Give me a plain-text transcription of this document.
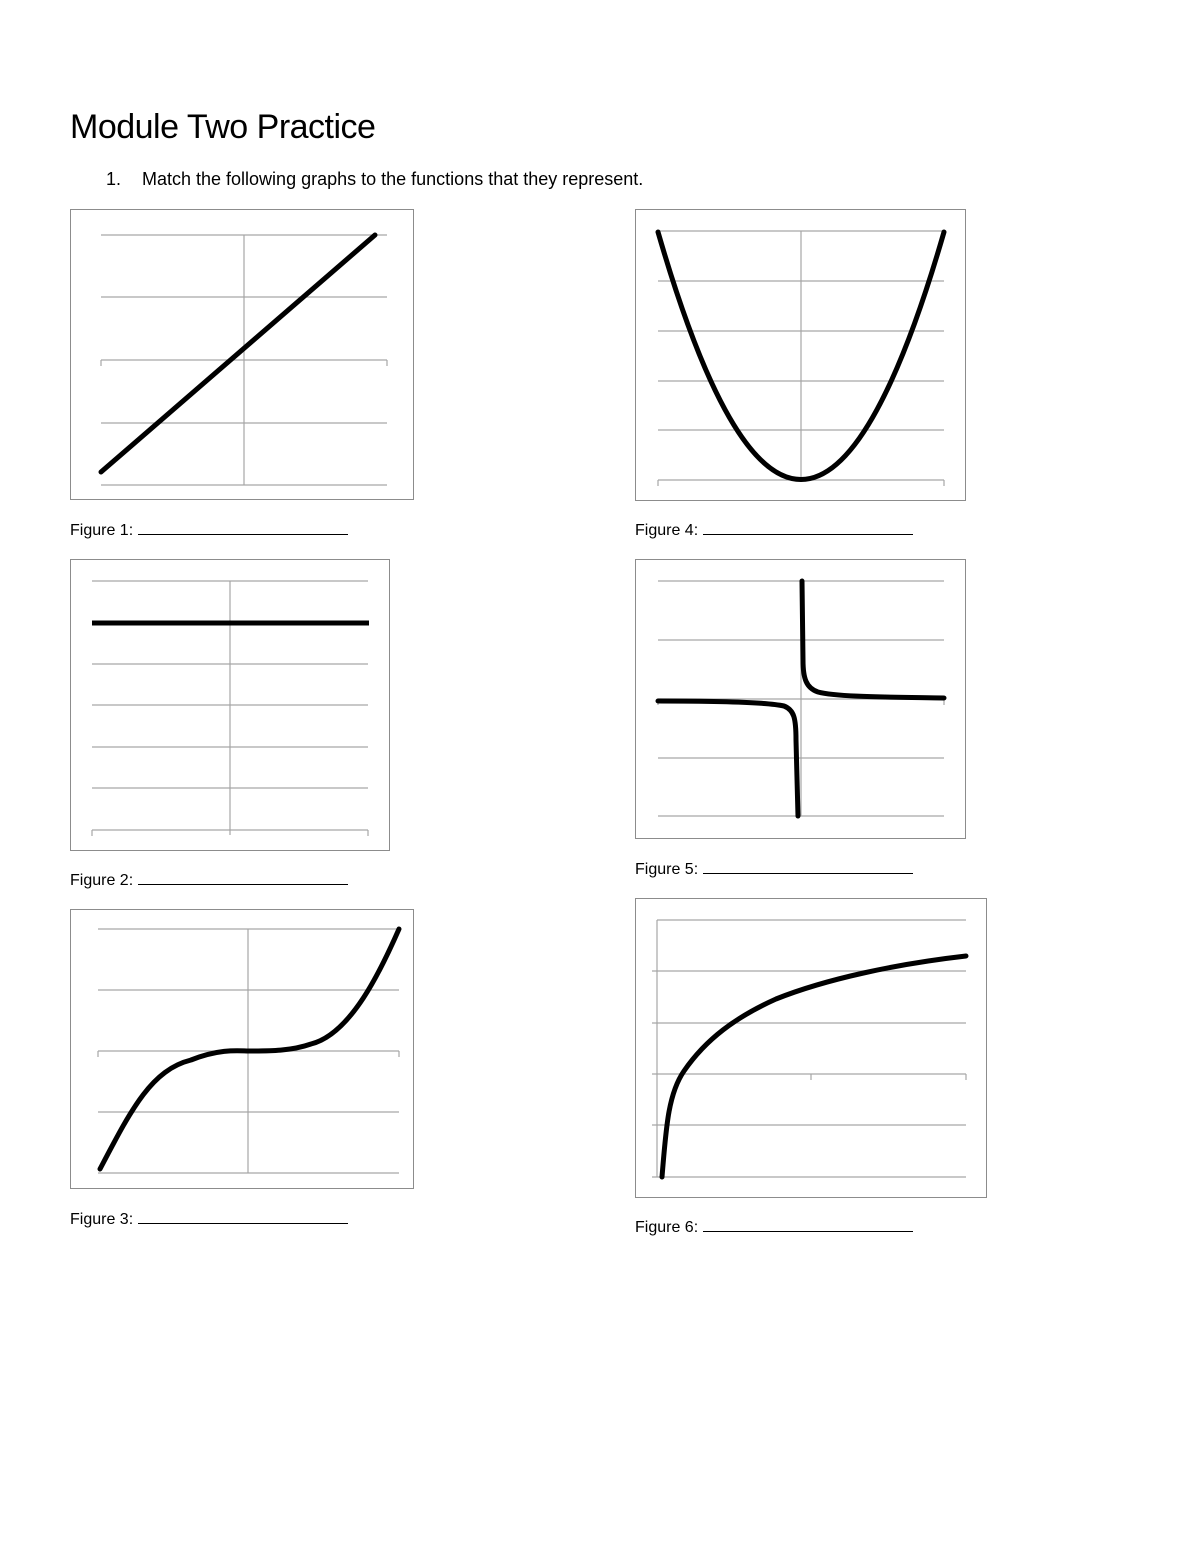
Module Two Practice
1. Match the following graphs to the functions that they represent.
Figure 1:
Figure 2:
Figure 3:
Figure 4:
Figure 5:
Figure 6:
